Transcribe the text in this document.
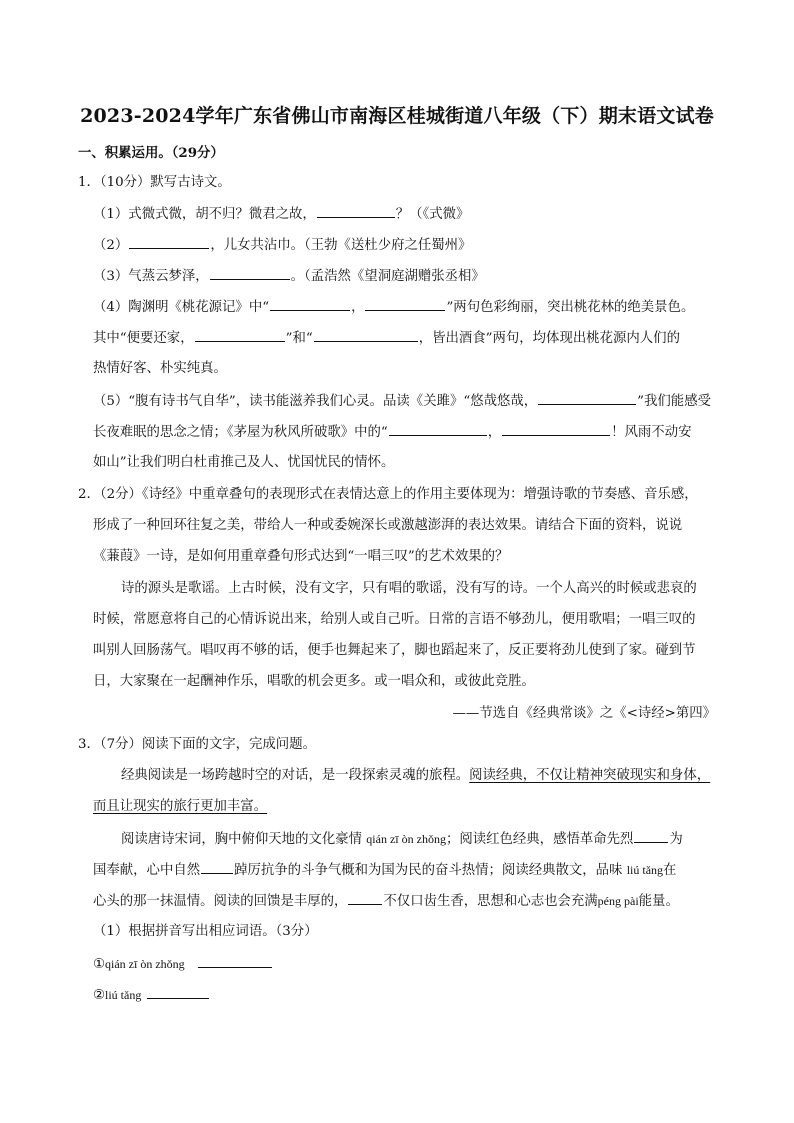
2023-2024学年广东省佛山市南海区桂城街道八年级（下）期末语文试卷
一、积累运用。（29分）
1．（10分）默写古诗文。
（1）式微式微，胡不归？微君之故，	？（《式微》
（2）	，儿女共沾巾。（王勃《送杜少府之任蜀州》
（3）气蒸云梦泽，	。（孟浩然《望洞庭湖赠张丞相》
（4）陶渊明《桃花源记》中“	，	”两句色彩绚丽，突出桃花林的绝美景色。
其中“便要还家，	”和“	，皆出酒食”两句，均体现出桃花源内人们的
热情好客、朴实纯真。
（5）“腹有诗书气自华”，读书能滋养我们心灵。品读《关雎》“悠哉悠哉，	”我们能感受
长夜难眠的思念之情；《茅屋为秋风所破歌》中的“	，	！风雨不动安
如山”让我们明白杜甫推己及人、忧国忧民的情怀。
2．（2分）《诗经》中重章叠句的表现形式在表情达意上的作用主要体现为：增强诗歌的节奏感、音乐感，
形成了一种回环往复之美，带给人一种或委婉深长或激越澎湃的表达效果。请结合下面的资料，说说
《蒹葭》一诗，是如何用重章叠句形式达到“一唱三叹”的艺术效果的？
诗的源头是歌谣。上古时候，没有文字，只有唱的歌谣，没有写的诗。一个人高兴的时候或悲哀的
时候，常愿意将自己的心情诉说出来，给别人或自己听。日常的言语不够劲儿，便用歌唱；一唱三叹的
叫别人回肠荡气。唱叹再不够的话，便手也舞起来了，脚也蹈起来了，反正要将劲儿使到了家。碰到节
日，大家聚在一起酬神作乐，唱歌的机会更多。或一唱众和，或彼此竞胜。
——节选自《经典常谈》之《<诗经>第四》
3．（7分）阅读下面的文字，完成问题。
经典阅读是一场跨越时空的对话，是一段探索灵魂的旅程。阅读经典，不仅让精神突破现实和身体，
而且让现实的旅行更加丰富。
阅读唐诗宋词，胸中俯仰天地的文化豪情 qián zī òn zhǒng；阅读红色经典，感悟革命先烈	为
国奉献，心中自然	踔厉抗争的斗争气概和为国为民的奋斗热情；阅读经典散文，品味 liú tǎng在
心头的那一抹温情。阅读的回馈是丰厚的，	不仅口齿生香，思想和心志也会充满péng pài能量。
（1）根据拼音写出相应词语。（3分）
①qián zī òn zhǒng
②liú tǎng
